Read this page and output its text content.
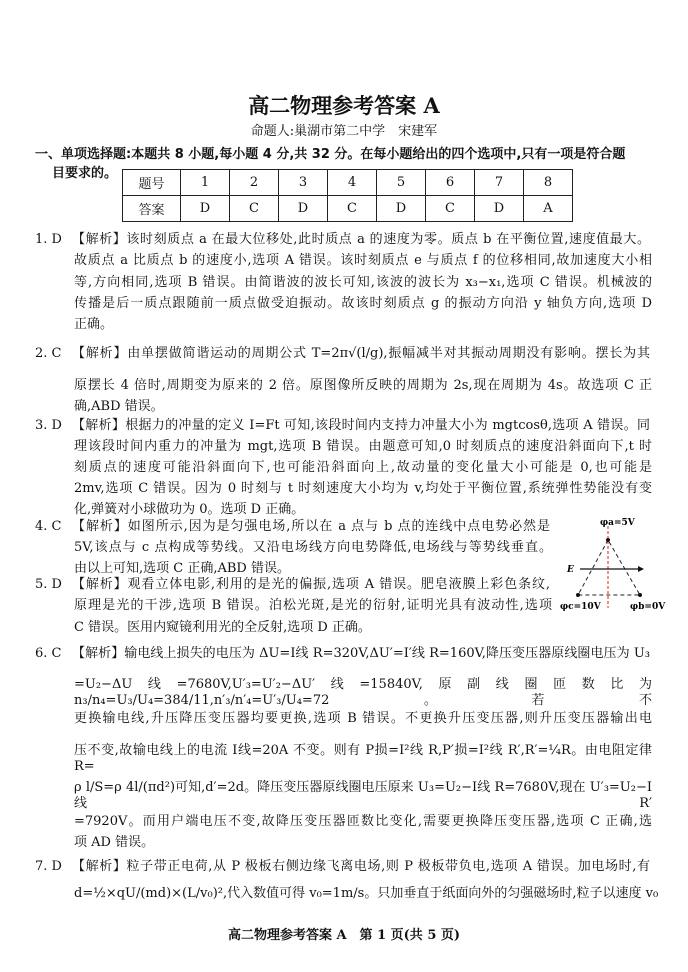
高二物理参考答案 A
命题人:巢湖市第二中学　宋建军
一、单项选择题:本题共 8 小题,每小题 4 分,共 32 分。在每小题给出的四个选项中,只有一项是符合题
目要求的。
题号	1	2	3	4	5	6	7	8
答案	D	C	D	C	D	C	D	A
1. D 【解析】该时刻质点 a 在最大位移处,此时质点 a 的速度为零。质点 b 在平衡位置,速度值最大。
故质点 a 比质点 b 的速度小,选项 A 错误。该时刻质点 e 与质点 f 的位移相同,故加速度大小相
等,方向相同,选项 B 错误。由简谐波的波长可知,该波的波长为 x₃−x₁,选项 C 错误。机械波的
传播是后一质点跟随前一质点做受迫振动。故该时刻质点 g 的振动方向沿 y 轴负方向,选项 D
正确。
2. C 【解析】由单摆做简谐运动的周期公式 T=2π√(l/g),振幅减半对其振动周期没有影响。摆长为其
原摆长 4 倍时,周期变为原来的 2 倍。原图像所反映的周期为 2s,现在周期为 4s。故选项 C 正
确,ABD 错误。
3. D 【解析】根据力的冲量的定义 I=Ft 可知,该段时间内支持力冲量大小为 mgtcosθ,选项 A 错误。同
理该段时间内重力的冲量为 mgt,选项 B 错误。由题意可知,0 时刻质点的速度沿斜面向下,t 时
刻质点的速度可能沿斜面向下,也可能沿斜面向上,故动量的变化量大小可能是 0,也可能是
2mv,选项 C 错误。因为 0 时刻与 t 时刻速度大小均为 v,均处于平衡位置,系统弹性势能没有变
化,弹簧对小球做功为 0。选项 D 正确。
4. C 【解析】如图所示,因为是匀强电场,所以在 a 点与 b 点的连线中点电势必然是
5V,该点与 c 点构成等势线。又沿电场线方向电势降低,电场线与等势线垂直。
由以上可知,选项 C 正确,ABD 错误。
5. D 【解析】观看立体电影,利用的是光的偏振,选项 A 错误。肥皂液膜上彩色条纹,
原理是光的干涉,选项 B 错误。泊松光斑,是光的衍射,证明光具有波动性,选项
C 错误。医用内窥镜利用光的全反射,选项 D 正确。
6. C 【解析】输电线上损失的电压为 ΔU=I线 R=320V,ΔU′=I′线 R=160V,降压变压器原线圈电压为 U₃
=U₂−ΔU线=7680V,U′₃=U′₂−ΔU′线=15840V,原副线圈匝数比为 n₃/n₄=U₃/U₄=384/11,n′₃/n′₄=U′₃/U₄=72。若不
更换输电线,升压降压变压器均要更换,选项 B 错误。不更换升压变压器,则升压变压器输出电
压不变,故输电线上的电流 I线=20A 不变。则有 P损=I²线 R,P′损=I²线 R′,R′=¼R。由电阻定律 R=
ρ l/S=ρ 4l/(πd²)可知,d′=2d。降压变压器原线圈电压原来 U₃=U₂−I线 R=7680V,现在 U′₃=U₂−I线 R′
=7920V。而用户端电压不变,故降压变压器匝数比变化,需要更换降压变压器,选项 C 正确,选
项 AD 错误。
7. D 【解析】粒子带正电荷,从 P 极板右侧边缘飞离电场,则 P 极板带负电,选项 A 错误。加电场时,有
d=½×qU/(md)×(L/v₀)²,代入数值可得 v₀=1m/s。只加垂直于纸面向外的匀强磁场时,粒子以速度 v₀
φa=5V
E
φc=10V	φb=0V
高二物理参考答案 A　第 1 页(共 5 页)
